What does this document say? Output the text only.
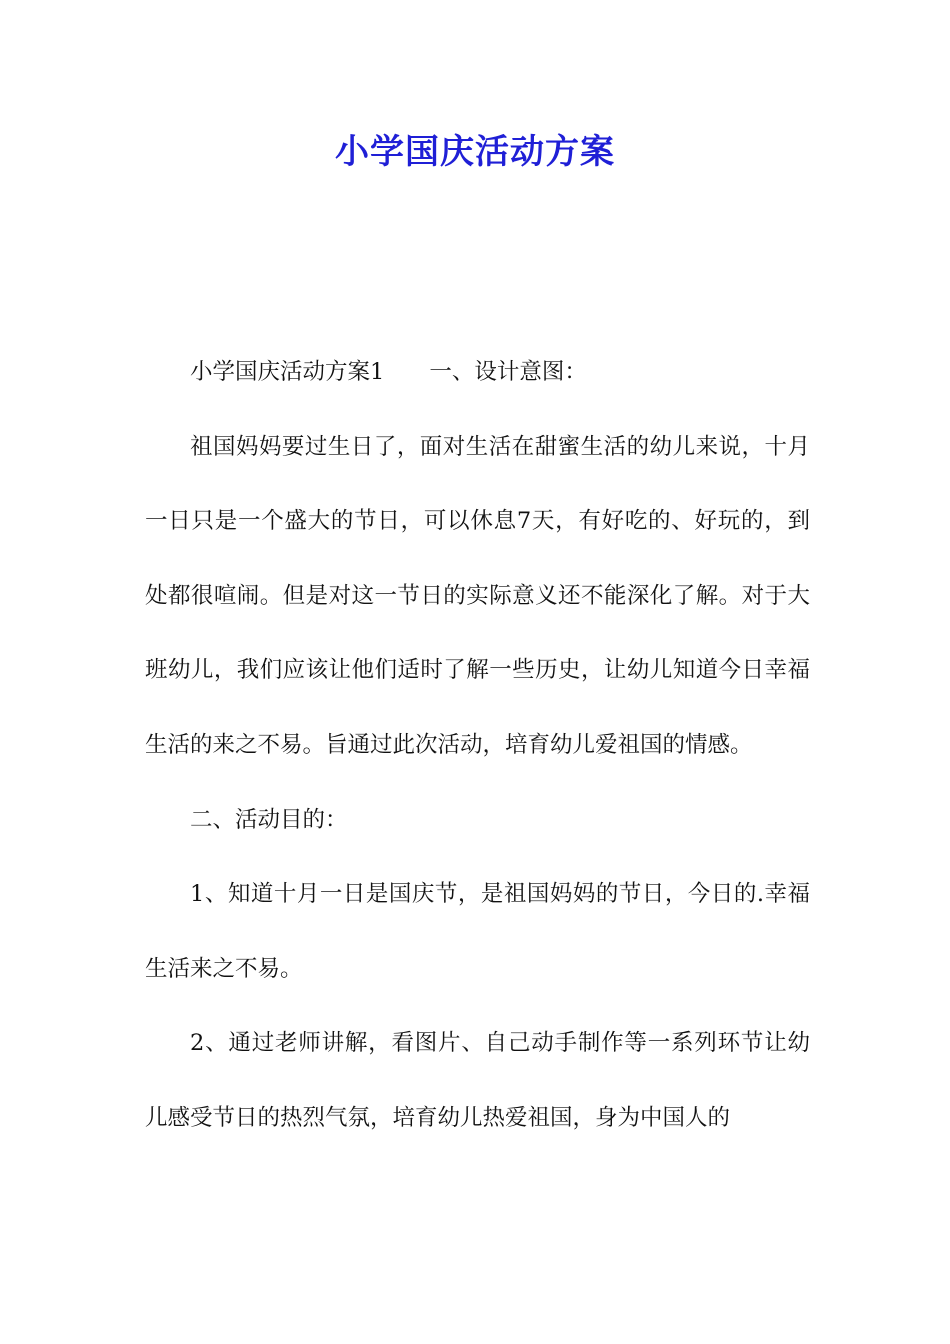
小学国庆活动方案

小学国庆活动方案1　　一、设计意图：

祖国妈妈要过生日了，面对生活在甜蜜生活的幼儿来说，十月一日只是一个盛大的节日，可以休息7天，有好吃的、好玩的，到处都很喧闹。但是对这一节日的实际意义还不能深化了解。对于大班幼儿，我们应该让他们适时了解一些历史，让幼儿知道今日幸福生活的来之不易。旨通过此次活动，培育幼儿爱祖国的情感。

二、活动目的：

1、知道十月一日是国庆节，是祖国妈妈的节日，今日的.幸福生活来之不易。

2、通过老师讲解，看图片、自己动手制作等一系列环节让幼儿感受节日的热烈气氛，培育幼儿热爱祖国，身为中国人的
